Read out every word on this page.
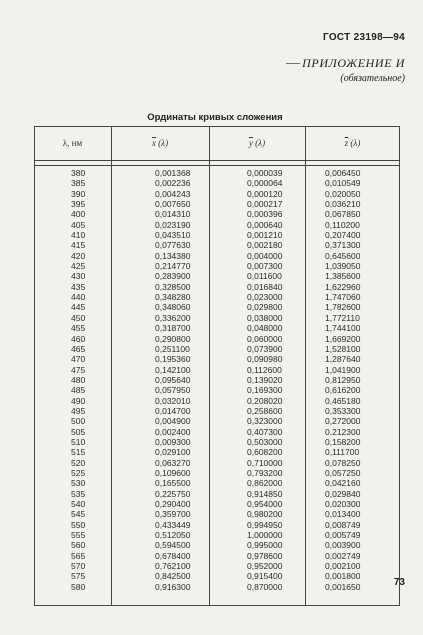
ГОСТ 23198—94
ПРИЛОЖЕНИЕ И
(обязательное)
Ординаты кривых сложения
λ, нм	$\overline{x}$ (λ)	$\overline{y}$ (λ)	$\overline{z}$ (λ)
380	0,001368	0,000039	0,006450
385	0,002236	0,000064	0,010549
390	0,004243	0,000120	0,020050
395	0,007650	0,000217	0,036210
400	0,014310	0,000396	0,067850
405	0,023190	0,000640	0,110200
410	0,043510	0,001210	0,207400
415	0,077630	0,002180	0,371300
420	0,134380	0,004000	0,645600
425	0,214770	0,007300	1,039050
430	0,283900	0,011600	1,385600
435	0,328500	0,016840	1,622960
440	0,348280	0,023000	1,747060
445	0,348060	0,029800	1,782600
450	0,336200	0,038000	1,772110
455	0,318700	0,048000	1,744100
460	0,290800	0,060000	1,669200
465	0,251100	0,073900	1,528100
470	0,195360	0,090980	1,287640
475	0,142100	0,112600	1,041900
480	0,095640	0,139020	0,812950
485	0,057950	0,169300	0,616200
490	0,032010	0,208020	0,465180
495	0,014700	0,258600	0,353300
500	0,004900	0,323000	0,272000
505	0,002400	0,407300	0,212300
510	0,009300	0,503000	0,158200
515	0,029100	0,608200	0,111700
520	0,063270	0,710000	0,078250
525	0,109600	0,793200	0,057250
530	0,165500	0,862000	0,042160
535	0,225750	0,914850	0,029840
540	0,290400	0,954000	0,020300
545	0,359700	0,980200	0,013400
550	0,433449	0,994950	0,008749
555	0,512050	1,000000	0,005749
560	0,594500	0,995000	0,003900
565	0,678400	0,978600	0,002749
570	0,762100	0,952000	0,002100
575	0,842500	0,915400	0,001800
580	0,916300	0,870000	0,001650	73
